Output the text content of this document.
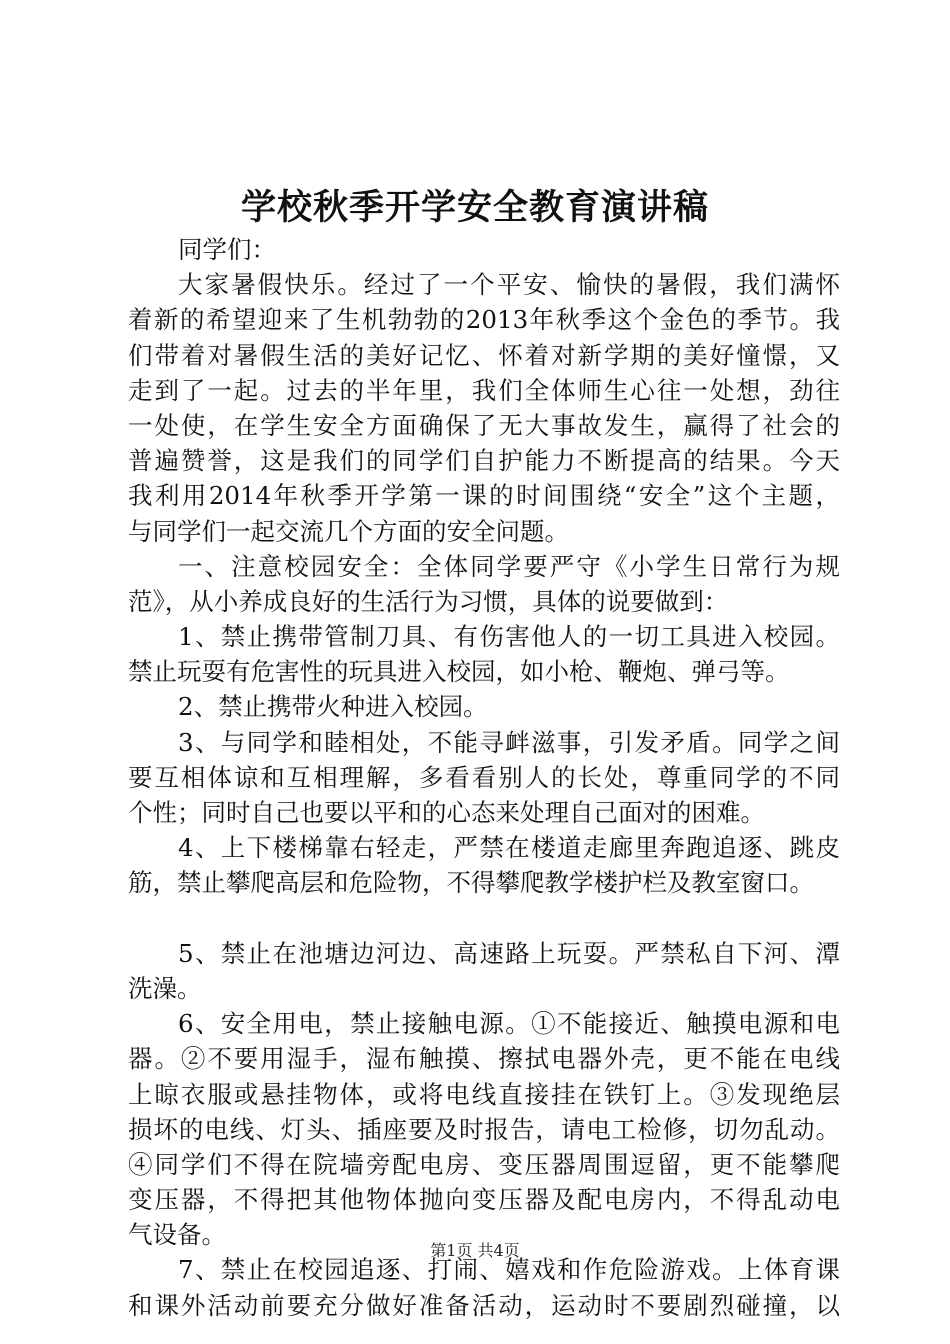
学校秋季开学安全教育演讲稿
同学们：
大家暑假快乐。经过了一个平安、愉快的暑假，我们满怀
着新的希望迎来了生机勃勃的2013年秋季这个金色的季节。我
们带着对暑假生活的美好记忆、怀着对新学期的美好憧憬，又
走到了一起。过去的半年里，我们全体师生心往一处想，劲往
一处使，在学生安全方面确保了无大事故发生，赢得了社会的
普遍赞誉，这是我们的同学们自护能力不断提高的结果。今天
我利用2014年秋季开学第一课的时间围绕“安全”这个主题，
与同学们一起交流几个方面的安全问题。
一、注意校园安全：全体同学要严守《小学生日常行为规
范》，从小养成良好的生活行为习惯，具体的说要做到：
1、禁止携带管制刀具、有伤害他人的一切工具进入校园。
禁止玩耍有危害性的玩具进入校园，如小枪、鞭炮、弹弓等。
2、禁止携带火种进入校园。
3、与同学和睦相处，不能寻衅滋事，引发矛盾。同学之间
要互相体谅和互相理解，多看看别人的长处，尊重同学的不同
个性；同时自己也要以平和的心态来处理自己面对的困难。
4、上下楼梯靠右轻走，严禁在楼道走廊里奔跑追逐、跳皮
筋，禁止攀爬高层和危险物，不得攀爬教学楼护栏及教室窗口。
5、禁止在池塘边河边、高速路上玩耍。严禁私自下河、潭
洗澡。
6、安全用电，禁止接触电源。①不能接近、触摸电源和电
器。②不要用湿手，湿布触摸、擦拭电器外壳，更不能在电线
上晾衣服或悬挂物体，或将电线直接挂在铁钉上。③发现绝层
损坏的电线、灯头、插座要及时报告，请电工检修，切勿乱动。
④同学们不得在院墙旁配电房、变压器周围逗留，更不能攀爬
变压器，不得把其他物体抛向变压器及配电房内，不得乱动电
气设备。
7、禁止在校园追逐、打闹、嬉戏和作危险游戏。上体育课
和课外活动前要充分做好准备活动，运动时不要剧烈碰撞，以
第1页 共4页
